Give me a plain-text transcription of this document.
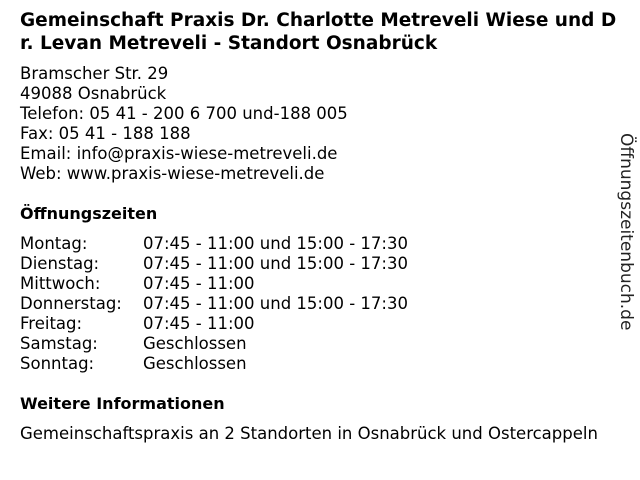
Gemeinschaft Praxis Dr. Charlotte Metreveli Wiese und Dr. Levan Metreveli - Standort Osnabrück
Bramscher Str. 29
49088 Osnabrück
Telefon: 05 41 - 200 6 700 und-188 005
Fax: 05 41 - 188 188
Email: info@praxis-wiese-metreveli.de
Web: www.praxis-wiese-metreveli.de
Öffnungszeiten
Montag:	07:45 - 11:00 und 15:00 - 17:30
Dienstag:	07:45 - 11:00 und 15:00 - 17:30
Mittwoch:	07:45 - 11:00
Donnerstag:	07:45 - 11:00 und 15:00 - 17:30
Freitag:	07:45 - 11:00
Samstag:	Geschlossen
Sonntag:	Geschlossen
Weitere Informationen
Gemeinschaftspraxis an 2 Standorten in Osnabrück und Ostercappeln
Öffnungszeitenbuch.de
